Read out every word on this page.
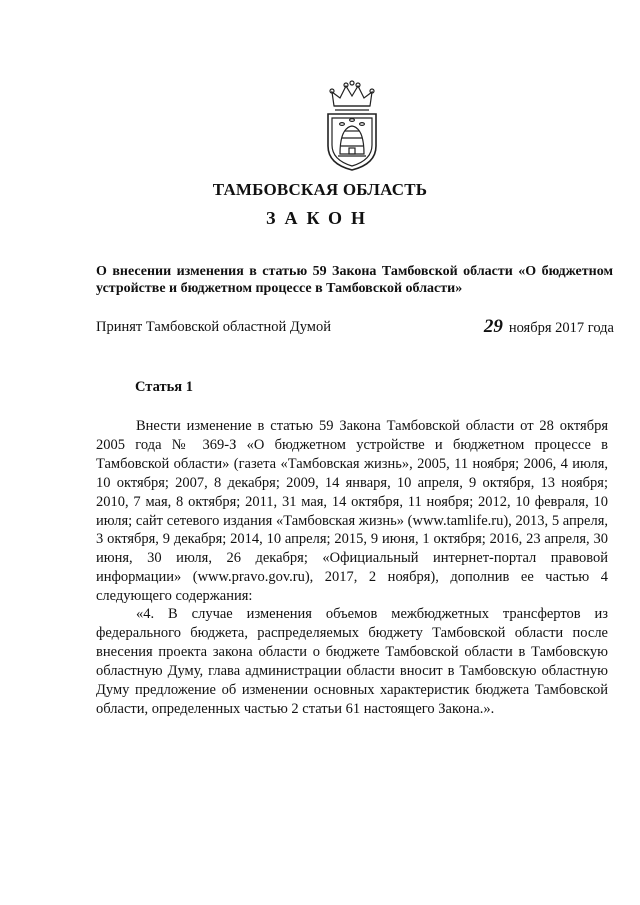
ТАМБОВСКАЯ ОБЛАСТЬ
ЗАКОН
О внесении изменения в статью 59 Закона Тамбовской области «О бюджетном устройстве и бюджетном процессе в Тамбовской области»
Принят Тамбовской областной Думой	29 ноября 2017 года
Статья 1

Внести изменение в статью 59 Закона Тамбовской области от 28 октября 2005 года № 369-З «О бюджетном устройстве и бюджетном процессе в Тамбовской области» (газета «Тамбовская жизнь», 2005, 11 ноября; 2006, 4 июля, 10 октября; 2007, 8 декабря; 2009, 14 января, 10 апреля, 9 октября, 13 ноября; 2010, 7 мая, 8 октября; 2011, 31 мая, 14 октября, 11 ноября; 2012, 10 февраля, 10 июля; сайт сетевого издания «Тамбовская жизнь» (www.tamlife.ru), 2013, 5 апреля, 3 октября, 9 декабря; 2014, 10 апреля; 2015, 9 июня, 1 октября; 2016, 23 апреля, 30 июня, 30 июля, 26 декабря; «Официальный интернет-портал правовой информации» (www.pravo.gov.ru), 2017, 2 ноября), дополнив ее частью 4 следующего содержания:

«4. В случае изменения объемов межбюджетных трансфертов из федерального бюджета, распределяемых бюджету Тамбовской области после внесения проекта закона области о бюджете Тамбовской области в Тамбовскую областную Думу, глава администрации области вносит в Тамбовскую областную Думу предложение об изменении основных характеристик бюджета Тамбовской области, определенных частью 2 статьи 61 настоящего Закона.».
